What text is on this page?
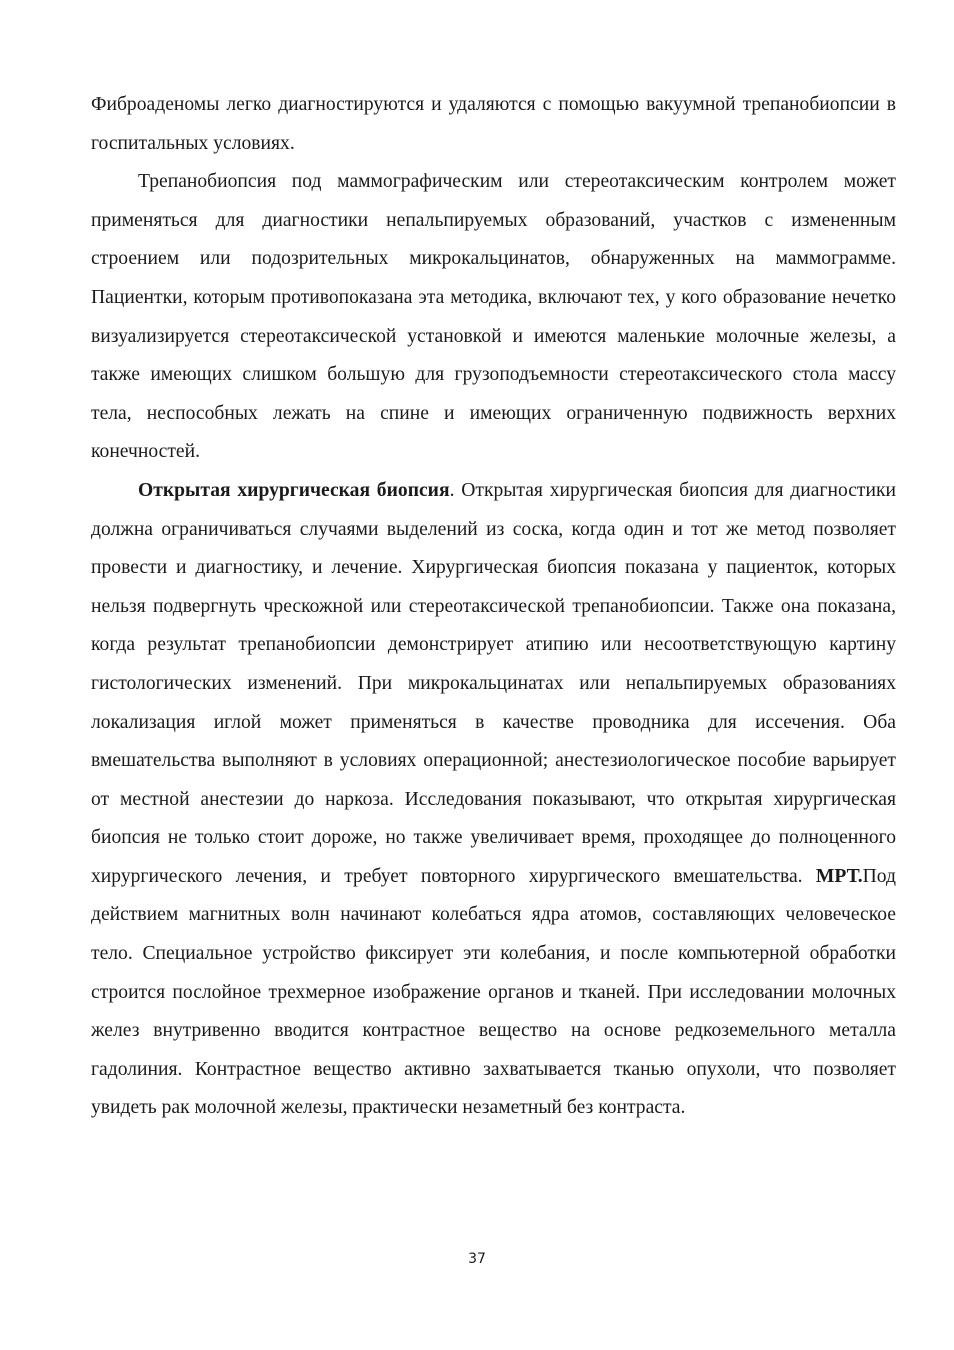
Фиброаденомы легко диагностируются и удаляются с помощью вакуумной трепанобиопсии в госпитальных условиях.

Трепанобиопсия под маммографическим или стереотаксическим контролем может применяться для диагностики непальпируемых образований, участков с измененным строением или подозрительных микрокальцинатов, обнаруженных на маммограмме. Пациентки, которым противопоказана эта методика, включают тех, у кого образование нечетко визуализируется стереотаксической установкой и имеются маленькие молочные железы, а также имеющих слишком большую для грузоподъемности стереотаксического стола массу тела, неспособных лежать на спине и имеющих ограниченную подвижность верхних конечностей.

Открытая хирургическая биопсия. Открытая хирургическая биопсия для диагностики должна ограничиваться случаями выделений из соска, когда один и тот же метод позволяет провести и диагностику, и лечение. Хирургическая биопсия показана у пациенток, которых нельзя подвергнуть чрескожной или стереотаксической трепанобиопсии. Также она показана, когда результат трепанобиопсии демонстрирует атипию или несоответствующую картину гистологических изменений. При микрокальцинатах или непальпируемых образованиях локализация иглой может применяться в качестве проводника для иссечения. Оба вмешательства выполняют в условиях операционной; анестезиологическое пособие варьирует от местной анестезии до наркоза. Исследования показывают, что открытая хирургическая биопсия не только стоит дороже, но также увеличивает время, проходящее до полноценного хирургического лечения, и требует повторного хирургического вмешательства. МРТ.Под действием магнитных волн начинают колебаться ядра атомов, составляющих человеческое тело. Специальное устройство фиксирует эти колебания, и после компьютерной обработки строится послойное трехмерное изображение органов и тканей. При исследовании молочных желез внутривенно вводится контрастное вещество на основе редкоземельного металла гадолиния. Контрастное вещество активно захватывается тканью опухоли, что позволяет увидеть рак молочной железы, практически незаметный без контраста.

37
